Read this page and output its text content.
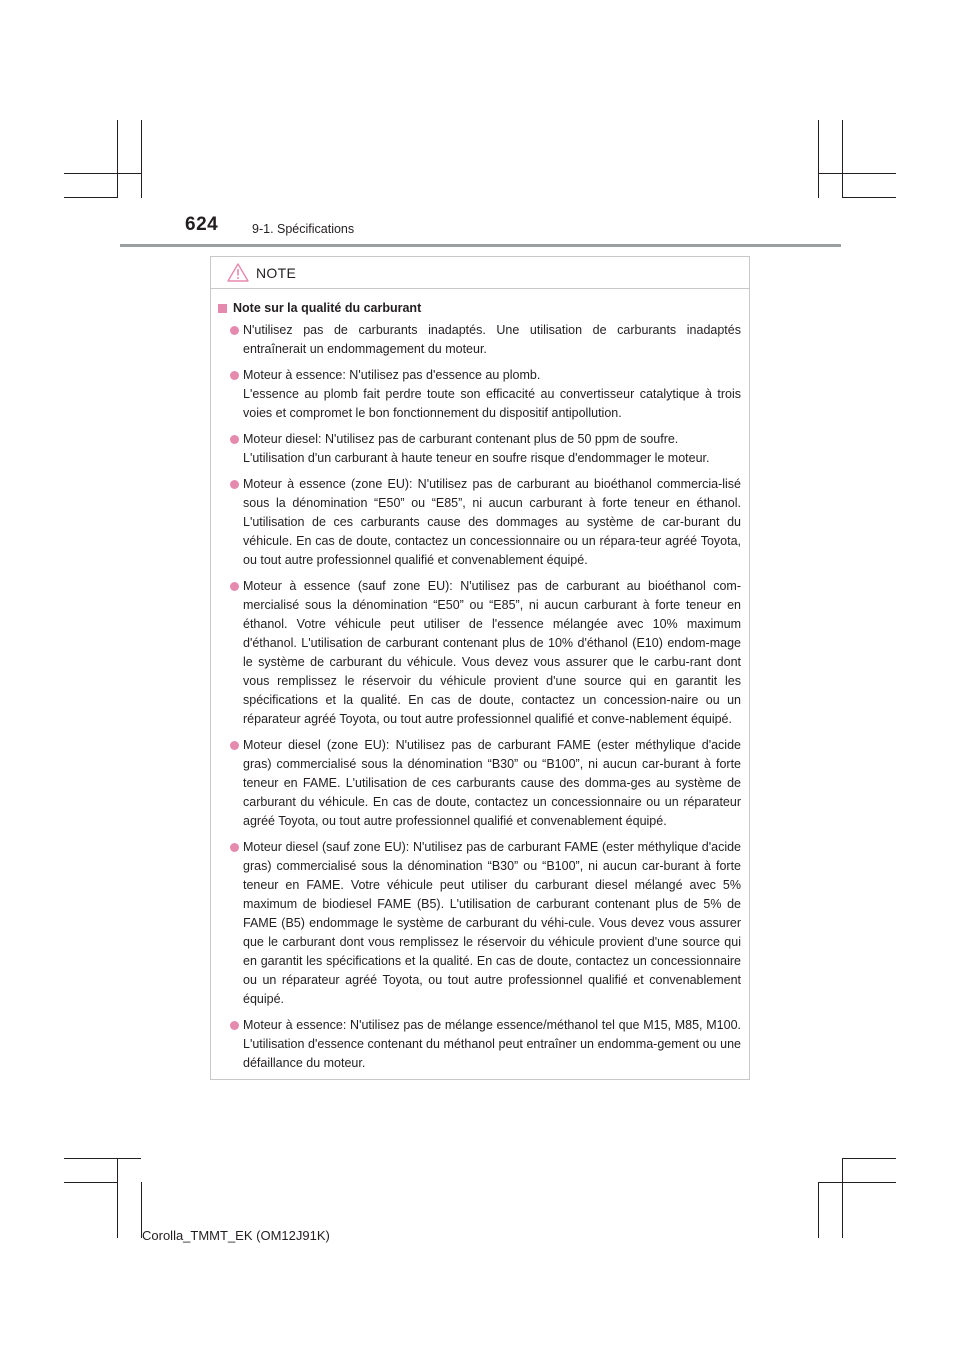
624	9-1. Spécifications
NOTE
Note sur la qualité du carburant

N'utilisez pas de carburants inadaptés. Une utilisation de carburants inadaptés entraînerait un endommagement du moteur.

Moteur à essence: N'utilisez pas d'essence au plomb.

L'essence au plomb fait perdre toute son efficacité au convertisseur catalytique à trois voies et compromet le bon fonctionnement du dispositif antipollution.

Moteur diesel: N'utilisez pas de carburant contenant plus de 50 ppm de soufre.

L'utilisation d'un carburant à haute teneur en soufre risque d'endommager le moteur.

Moteur à essence (zone EU): N'utilisez pas de carburant au bioéthanol commercia-lisé sous la dénomination “E50” ou “E85”, ni aucun carburant à forte teneur en éthanol. L'utilisation de ces carburants cause des dommages au système de car-burant du véhicule. En cas de doute, contactez un concessionnaire ou un répara-teur agréé Toyota, ou tout autre professionnel qualifié et convenablement équipé.

Moteur à essence (sauf zone EU): N'utilisez pas de carburant au bioéthanol com-mercialisé sous la dénomination “E50” ou “E85”, ni aucun carburant à forte teneur en éthanol. Votre véhicule peut utiliser de l'essence mélangée avec 10% maximum d'éthanol. L'utilisation de carburant contenant plus de 10% d'éthanol (E10) endom-mage le système de carburant du véhicule. Vous devez vous assurer que le carbu-rant dont vous remplissez le réservoir du véhicule provient d'une source qui en garantit les spécifications et la qualité. En cas de doute, contactez un concession-naire ou un réparateur agréé Toyota, ou tout autre professionnel qualifié et conve-nablement équipé.

Moteur diesel (zone EU): N'utilisez pas de carburant FAME (ester méthylique d'acide gras) commercialisé sous la dénomination “B30” ou “B100”, ni aucun car-burant à forte teneur en FAME. L'utilisation de ces carburants cause des domma-ges au système de carburant du véhicule. En cas de doute, contactez un concessionnaire ou un réparateur agréé Toyota, ou tout autre professionnel qualifié et convenablement équipé.

Moteur diesel (sauf zone EU): N'utilisez pas de carburant FAME (ester méthylique d'acide gras) commercialisé sous la dénomination “B30” ou “B100”, ni aucun car-burant à forte teneur en FAME. Votre véhicule peut utiliser du carburant diesel mélangé avec 5% maximum de biodiesel FAME (B5). L'utilisation de carburant contenant plus de 5% de FAME (B5) endommage le système de carburant du véhi-cule. Vous devez vous assurer que le carburant dont vous remplissez le réservoir du véhicule provient d'une source qui en garantit les spécifications et la qualité. En cas de doute, contactez un concessionnaire ou un réparateur agréé Toyota, ou tout autre professionnel qualifié et convenablement équipé.

Moteur à essence: N'utilisez pas de mélange essence/méthanol tel que M15, M85, M100. L'utilisation d'essence contenant du méthanol peut entraîner un endomma-gement ou une défaillance du moteur.

Corolla_TMMT_EK (OM12J91K)
